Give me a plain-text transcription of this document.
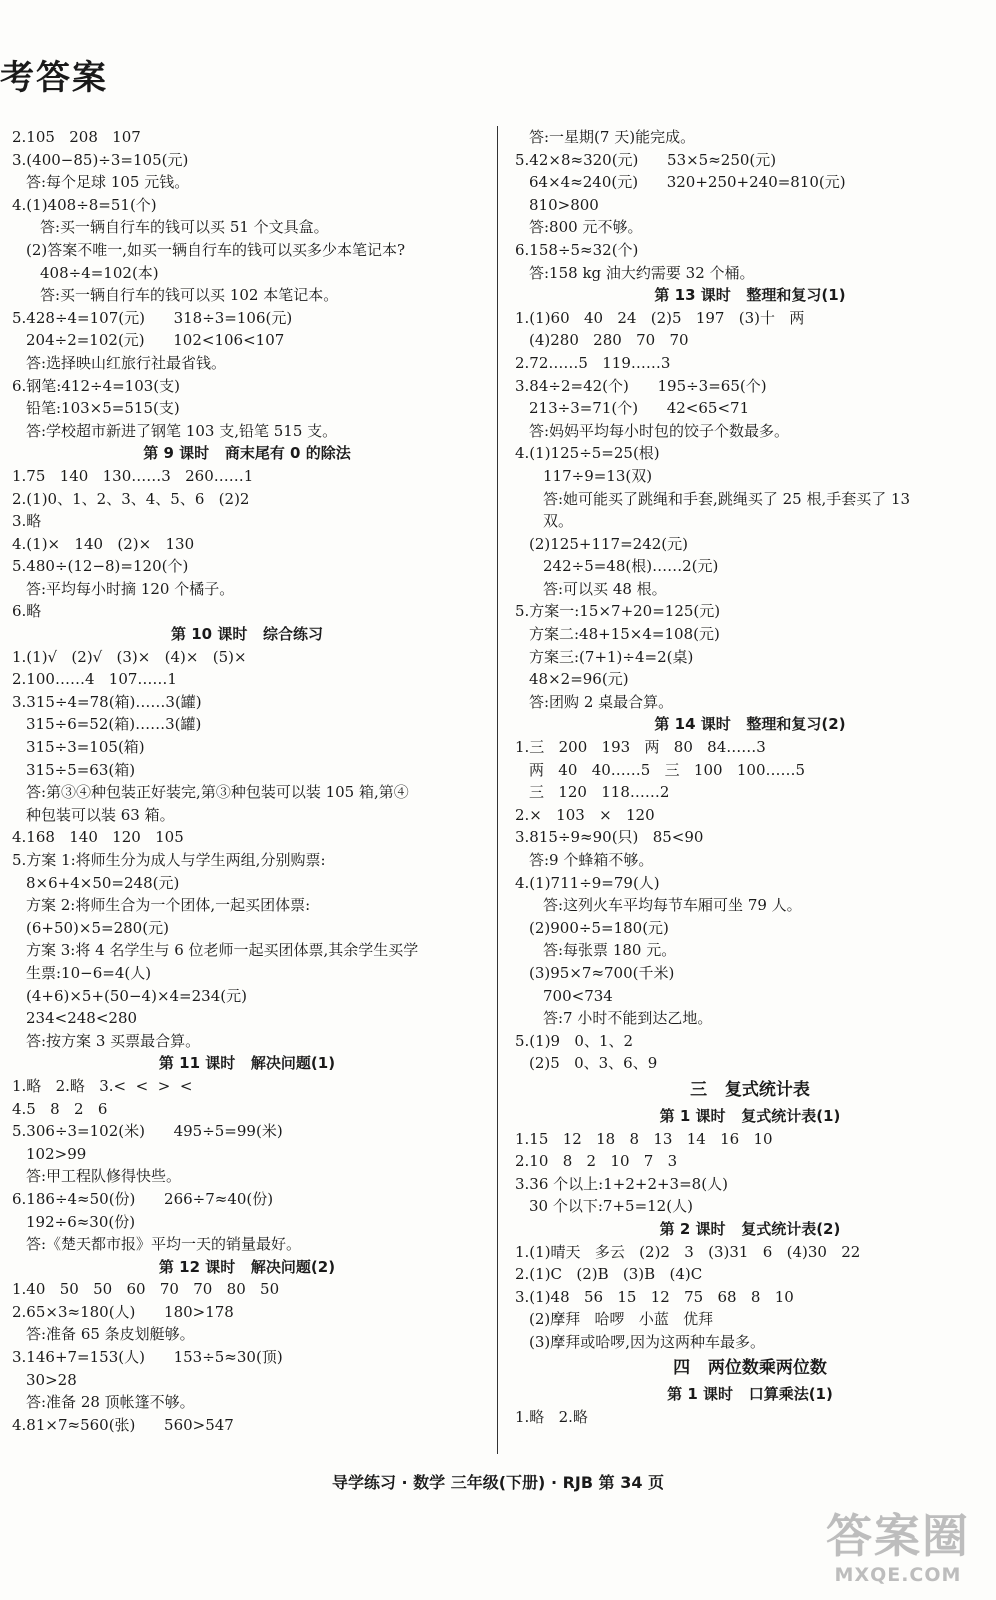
考答案
2.105   208   107
3.(400−85)÷3=105(元)
答:每个足球 105 元钱。
4.(1)408÷8=51(个)
答:买一辆自行车的钱可以买 51 个文具盒。
(2)答案不唯一,如买一辆自行车的钱可以买多少本笔记本?
408÷4=102(本)
答:买一辆自行车的钱可以买 102 本笔记本。
5.428÷4=107(元)      318÷3=106(元)
204÷2=102(元)      102<106<107
答:选择映山红旅行社最省钱。
6.钢笔:412÷4=103(支)
铅笔:103×5=515(支)
答:学校超市新进了钢笔 103 支,铅笔 515 支。
第 9 课时   商末尾有 0 的除法
1.75   140   130……3   260……1
2.(1)0、1、2、3、4、5、6   (2)2
3.略
4.(1)×   140   (2)×   130
5.480÷(12−8)=120(个)
答:平均每小时摘 120 个橘子。
6.略
第 10 课时   综合练习
1.(1)√   (2)√   (3)×   (4)×   (5)×
2.100……4   107……1
3.315÷4=78(箱)……3(罐)
315÷6=52(箱)……3(罐)
315÷3=105(箱)
315÷5=63(箱)
答:第③④种包装正好装完,第③种包装可以装 105 箱,第④
种包装可以装 63 箱。
4.168   140   120   105
5.方案 1:将师生分为成人与学生两组,分别购票:
8×6+4×50=248(元)
方案 2:将师生合为一个团体,一起买团体票:
(6+50)×5=280(元)
方案 3:将 4 名学生与 6 位老师一起买团体票,其余学生买学
生票:10−6=4(人)
(4+6)×5+(50−4)×4=234(元)
234<248<280
答:按方案 3 买票最合算。
第 11 课时   解决问题(1)
1.略   2.略   3.<  <  >  <
4.5   8   2   6
5.306÷3=102(米)      495÷5=99(米)
102>99
答:甲工程队修得快些。
6.186÷4≈50(份)      266÷7≈40(份)
192÷6≈30(份)
答:《楚天都市报》平均一天的销量最好。
第 12 课时   解决问题(2)
1.40   50   50   60   70   70   80   50
2.65×3≈180(人)      180>178
答:准备 65 条皮划艇够。
3.146+7=153(人)      153÷5≈30(顶)
30>28
答:准备 28 顶帐篷不够。
4.81×7≈560(张)      560>547
答:一星期(7 天)能完成。
5.42×8≈320(元)      53×5≈250(元)
64×4≈240(元)      320+250+240=810(元)
810>800
答:800 元不够。
6.158÷5≈32(个)
答:158 kg 油大约需要 32 个桶。
第 13 课时   整理和复习(1)
1.(1)60   40   24   (2)5   197   (3)十   两
(4)280   280   70   70
2.72……5   119……3
3.84÷2=42(个)      195÷3=65(个)
213÷3=71(个)      42<65<71
答:妈妈平均每小时包的饺子个数最多。
4.(1)125÷5=25(根)
117÷9=13(双)
答:她可能买了跳绳和手套,跳绳买了 25 根,手套买了 13
双。
(2)125+117=242(元)
242÷5=48(根)……2(元)
答:可以买 48 根。
5.方案一:15×7+20=125(元)
方案二:48+15×4=108(元)
方案三:(7+1)÷4=2(桌)
48×2=96(元)
答:团购 2 桌最合算。
第 14 课时   整理和复习(2)
1.三   200   193   两   80   84……3
两   40   40……5   三   100   100……5
三   120   118……2
2.×   103   ×   120
3.815÷9≈90(只)   85<90
答:9 个蜂箱不够。
4.(1)711÷9=79(人)
答:这列火车平均每节车厢可坐 79 人。
(2)900÷5=180(元)
答:每张票 180 元。
(3)95×7≈700(千米)
700<734
答:7 小时不能到达乙地。
5.(1)9   0、1、2
(2)5   0、3、6、9
三   复式统计表
第 1 课时   复式统计表(1)
1.15   12   18   8   13   14   16   10
2.10   8   2   10   7   3
3.36 个以上:1+2+2+3=8(人)
30 个以下:7+5=12(人)
第 2 课时   复式统计表(2)
1.(1)晴天   多云   (2)2   3   (3)31   6   (4)30   22
2.(1)C   (2)B   (3)B   (4)C
3.(1)48   56   15   12   75   68   8   10
(2)摩拜   哈啰   小蓝   优拜
(3)摩拜或哈啰,因为这两种车最多。
四   两位数乘两位数
第 1 课时   口算乘法(1)
1.略   2.略
导学练习 · 数学 三年级(下册) · RJB 第 34 页
答案圈
MXQE.COM
